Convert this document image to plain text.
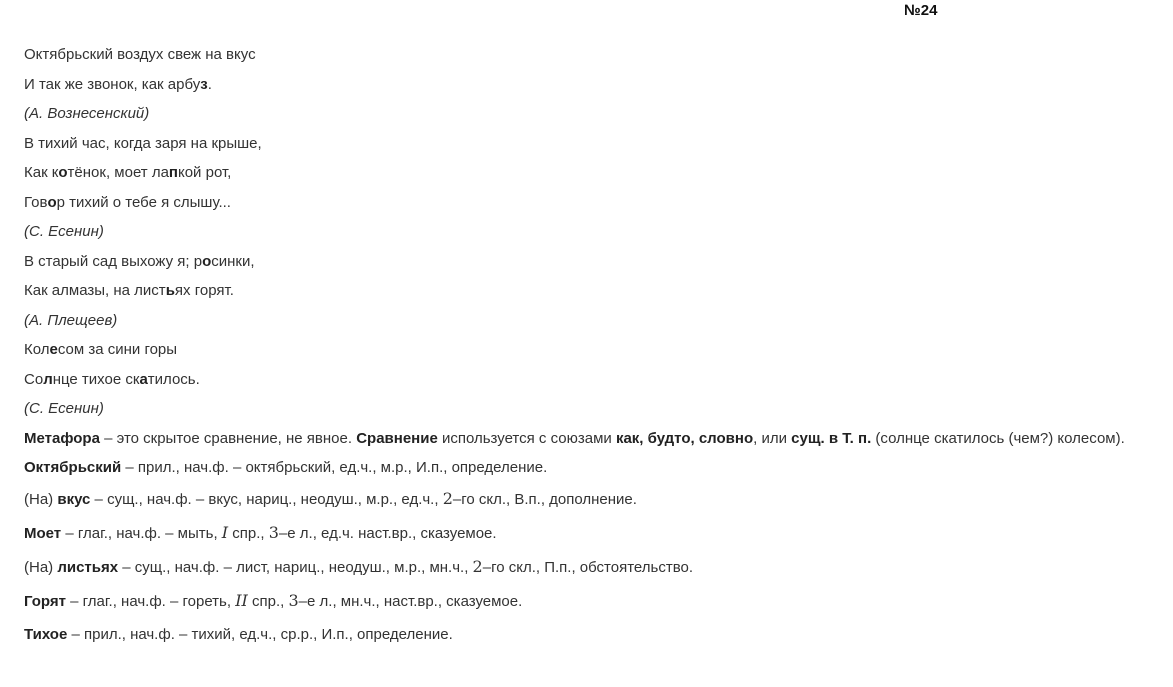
№24
Октябрьский воздух свеж на вкус
И так же звонок, как арбуз.
(А. Вознесенский)
В тихий час, когда заря на крыше,
Как котёнок, моет лапкой рот,
Говор тихий о тебе я слышу...
(С. Есенин)
В старый сад выхожу я; росинки,
Как алмазы, на листьях горят.
(А. Плещеев)
Колесом за сини горы
Солнце тихое скатилось.
(С. Есенин)
Метафора – это скрытое сравнение, не явное. Сравнение используется с союзами как, будто, словно, или сущ. в Т. п. (солнце скатилось (чем?) колесом).
Октябрьский – прил., нач.ф. – октябрьский, ед.ч., м.р., И.п., определение.
(На) вкус – сущ., нач.ф. – вкус, нариц., неодуш., м.р., ед.ч., 2–го скл., В.п., дополнение.
Моет – глаг., нач.ф. – мыть, I спр., 3–е л., ед.ч. наст.вр., сказуемое.
(На) листьях – сущ., нач.ф. – лист, нариц., неодуш., м.р., мн.ч., 2–го скл., П.п., обстоятельство.
Горят – глаг., нач.ф. – гореть, II спр., 3–е л., мн.ч., наст.вр., сказуемое.
Тихое – прил., нач.ф. – тихий, ед.ч., ср.р., И.п., определение.
